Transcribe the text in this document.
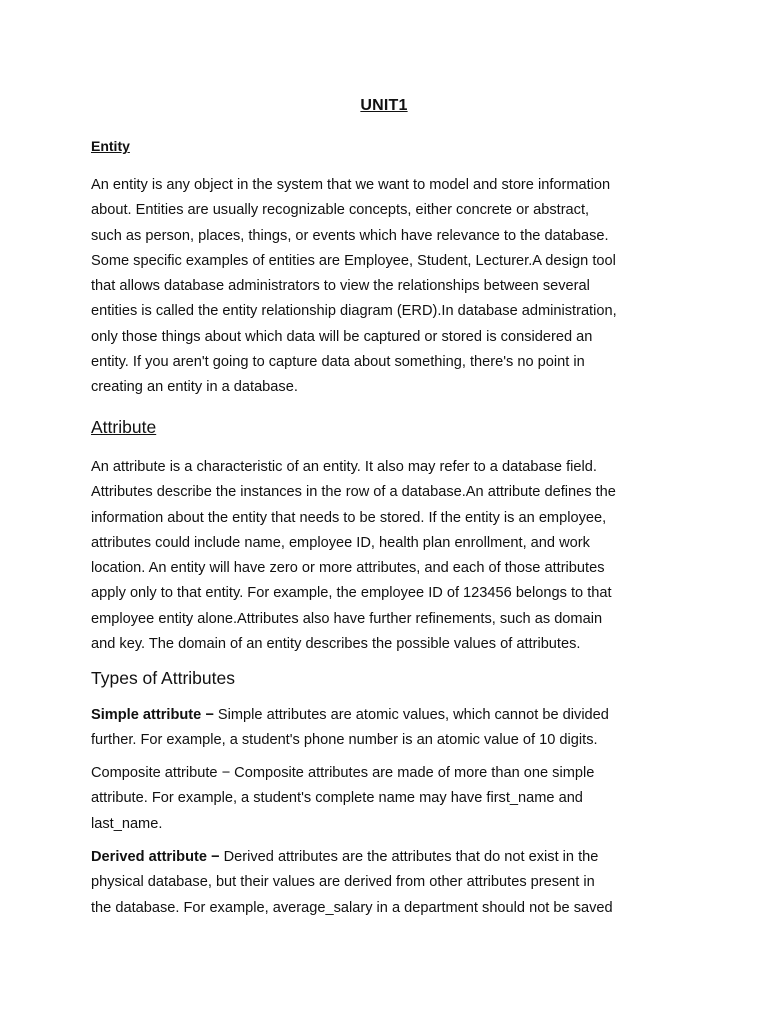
UNIT1
Entity
An entity is any object in the system that we want to model and store information
about. Entities are usually recognizable concepts, either concrete or abstract,
such as person, places, things, or events which have relevance to the database.
Some specific examples of entities are Employee, Student, Lecturer.A design tool
that allows database administrators to view the relationships between several
entities is called the entity relationship diagram (ERD).In database administration,
only those things about which data will be captured or stored is considered an
entity. If you aren't going to capture data about something, there's no point in
creating an entity in a database.
Attribute
An attribute is a characteristic of an entity. It also may refer to a database field.
Attributes describe the instances in the row of a database.An attribute defines the
information about the entity that needs to be stored. If the entity is an employee,
attributes could include name, employee ID, health plan enrollment, and work
location. An entity will have zero or more attributes, and each of those attributes
apply only to that entity. For example, the employee ID of 123456 belongs to that
employee entity alone.Attributes also have further refinements, such as domain
and key. The domain of an entity describes the possible values of attributes.
Types of Attributes
Simple attribute − Simple attributes are atomic values, which cannot be divided
further. For example, a student's phone number is an atomic value of 10 digits.
Composite attribute − Composite attributes are made of more than one simple
attribute. For example, a student's complete name may have first_name and
last_name.
Derived attribute − Derived attributes are the attributes that do not exist in the
physical database, but their values are derived from other attributes present in
the database. For example, average_salary in a department should not be saved
